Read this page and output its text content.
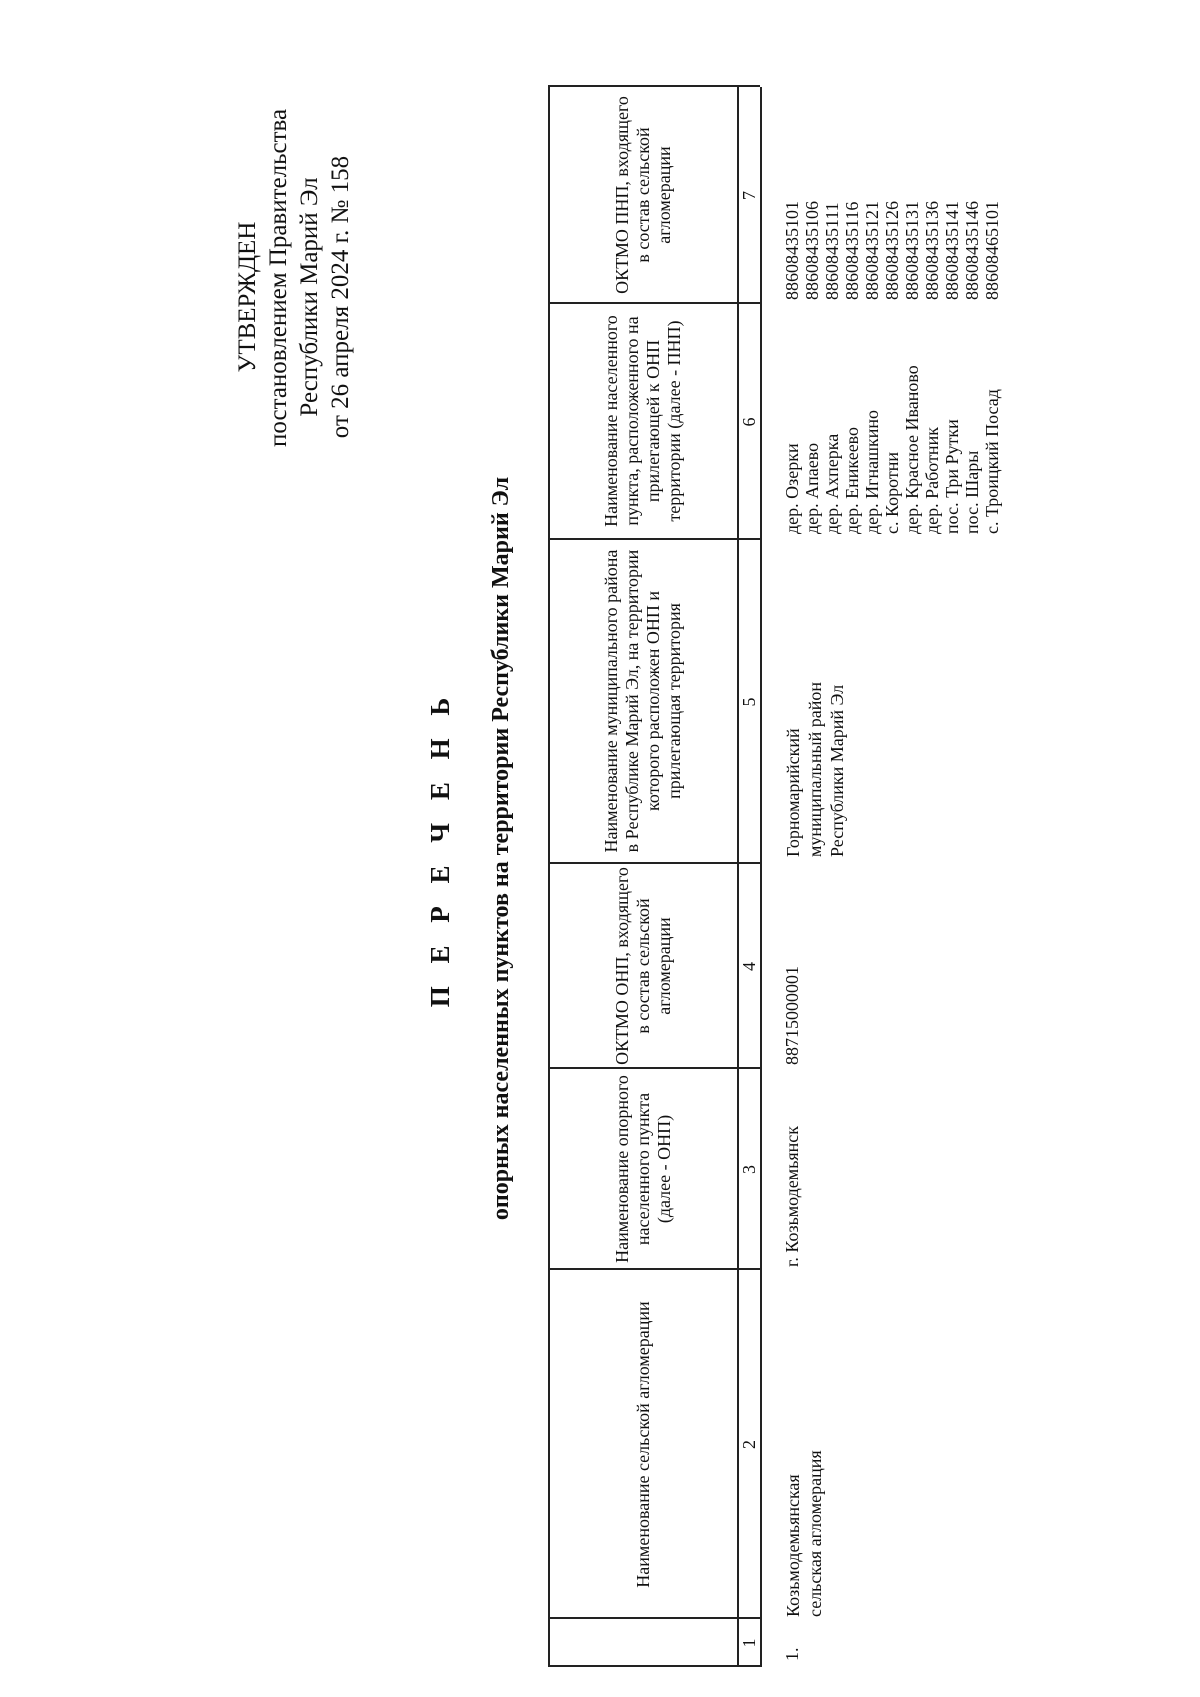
УТВЕРЖДЕН постановлением Правительства Республики Марий Эл от 26 апреля 2024 г. № 158
П Е Р Е Ч Е Н Ь опорных населенных пунктов на территории Республики Марий Эл
Наименование сельской агломерации
Наименование опорного населенного пункта (далее - ОНП)
ОКТМО ОНП, входящего в состав сельской агломерации
Наименование муниципального района в Республике Марий Эл, на территории которого расположен ОНП и прилегающая территория
Наименование населенного пункта, расположенного на прилегающей к ОНП территории (далее - ПНП)
ОКТМО ПНП, входящего в состав сельской агломерации
1
2
3
4
5
6
7
1.
Козьмодемьянская сельская агломерация
г. Козьмодемьянск
88715000001
Горномарийский муниципальный район Республики Марий Эл
дер. Озерки дер. Апаево дер. Ахперка дер. Еникеево дер. Игнашкино с. Коротни дер. Красное Иваново дер. Работник пос. Три Рутки пос. Шары с. Троицкий Посад
88608435101 88608435106 88608435111 88608435116 88608435121 88608435126 88608435131 88608435136 88608435141 88608435146 88608465101
